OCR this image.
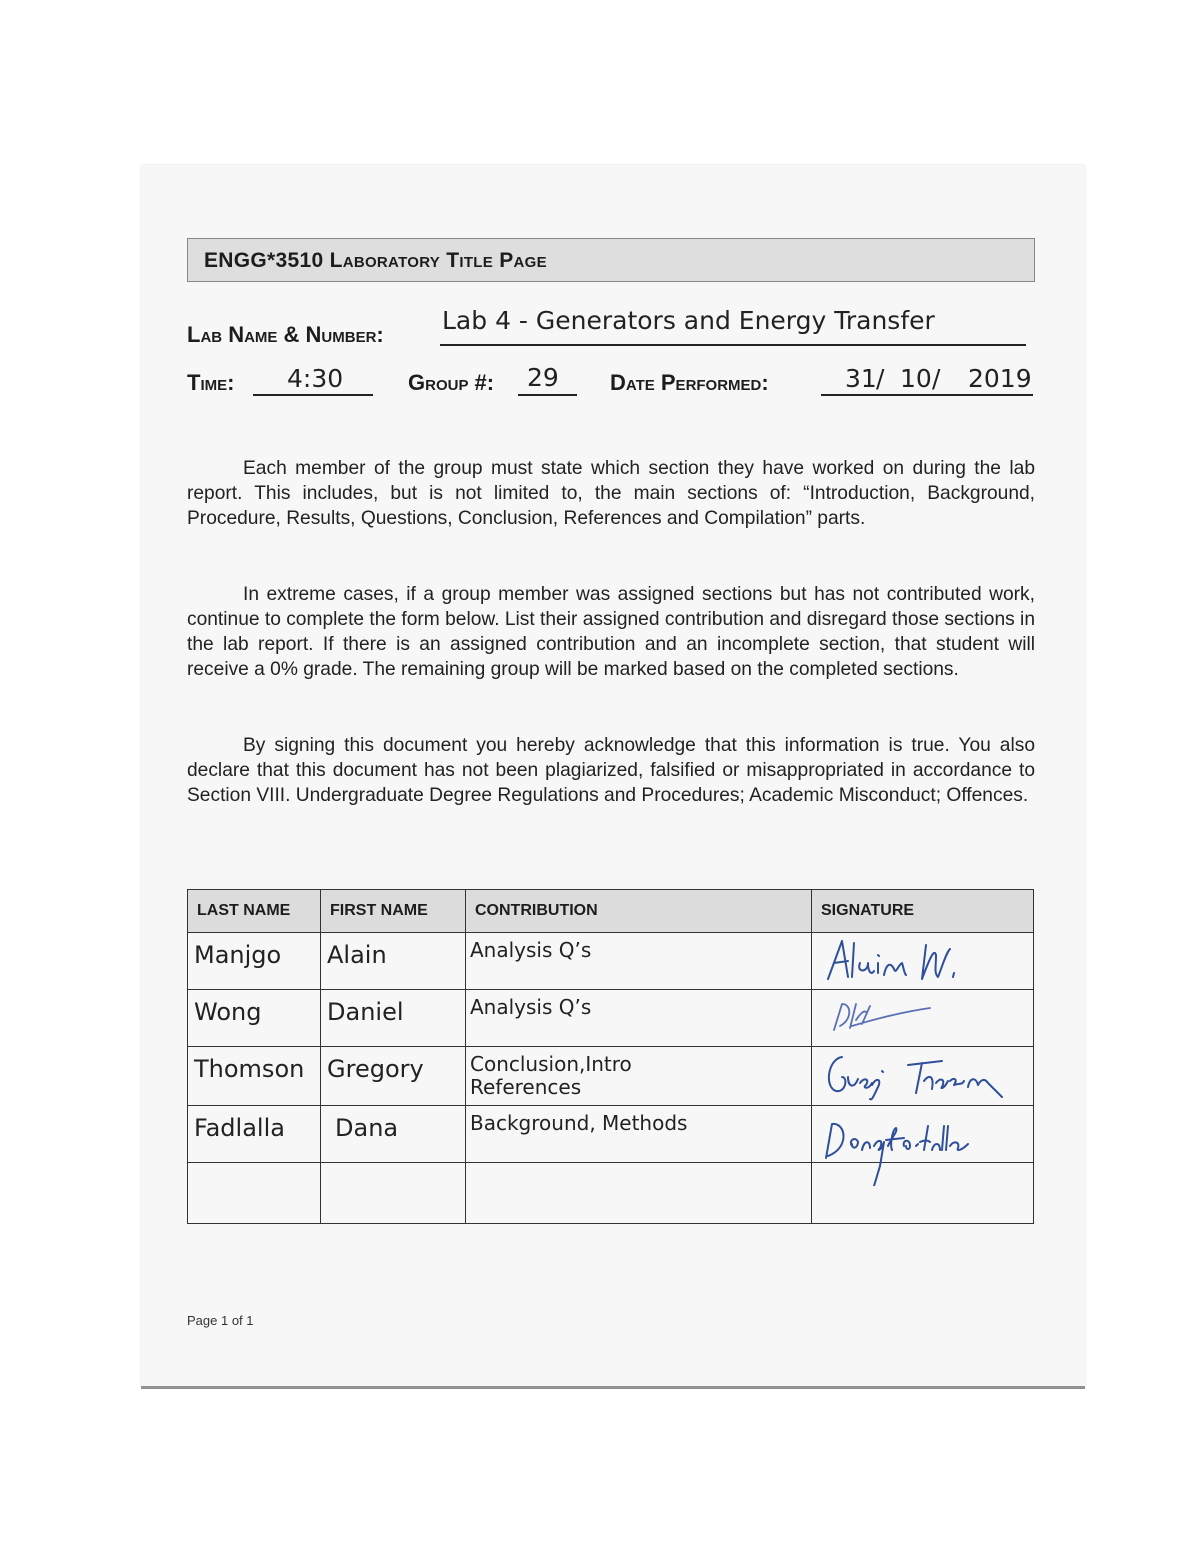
ENGG*3510 Laboratory Title Page
Lab Name & Number: Lab 4 - Generators and Energy Transfer
Time: 4:30	Group #: 29 Date Performed:	31 / 10 / 2019
Each member of the group must state which section they have worked on during the lab report. This includes, but is not limited to, the main sections of: “Introduction, Background, Procedure, Results, Questions, Conclusion, References and Compilation” parts.
In extreme cases, if a group member was assigned sections but has not contributed work, continue to complete the form below. List their assigned contribution and disregard those sections in the lab report. If there is an assigned contribution and an incomplete section, that student will receive a 0% grade. The remaining group will be marked based on the completed sections.
By signing this document you hereby acknowledge that this information is true. You also declare that this document has not been plagiarized, falsified or misappropriated in accordance to Section VIII. Undergraduate Degree Regulations and Procedures; Academic Misconduct; Offences.
LAST NAME	FIRST NAME	CONTRIBUTION	SIGNATURE

Manjgo	Alain	Analysis Q’s

Wong	Daniel	Analysis Q’s

Thomson	Gregory	Conclusion,Intro
References

Fadlalla	Dana	Background, Methods

Page 1 of 1
